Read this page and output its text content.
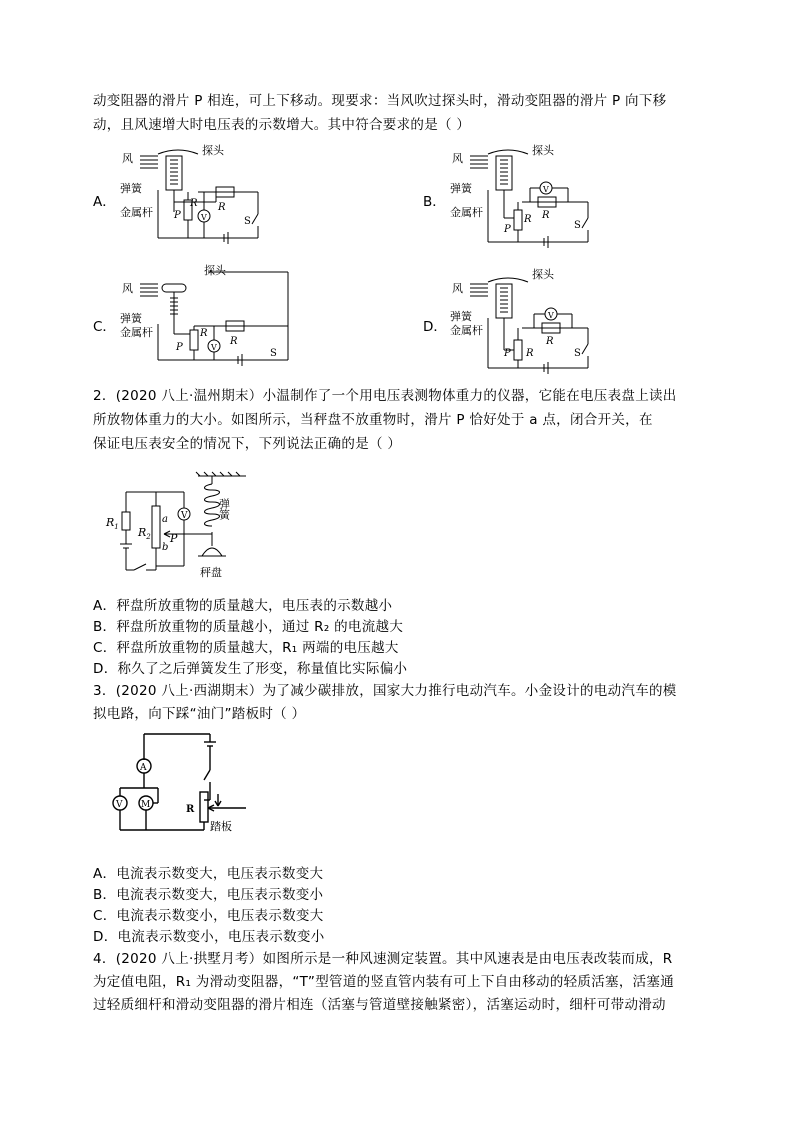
动变阻器的滑片 P 相连，可上下移动。现要求：当风吹过探头时，滑动变阻器的滑片 P 向下移
动，且风速增大时电压表的示数增大。其中符合要求的是（ ）
A．	B．
C．	D．
风
探头
弹簧
金属杆 P
R R
V	S
风
探头
弹簧
金属杆
P
R R
V
S
风
探头
弹簧
金属杆
P
R
R
V
S
风
探头
弹簧
金属杆
P R
R
V
S
2．(2020 八上·温州期末）小温制作了一个用电压表测物体重力的仪器，它能在电压表盘上读出
所放物体重力的大小。如图所示，当秤盘不放重物时，滑片 P 恰好处于 a 点，闭合开关，在
保证电压表安全的情况下，下列说法正确的是（ ）
$R_1$ $R_2$
a
b
P
V	弹簧
秤盘
A．秤盘所放重物的质量越大，电压表的示数越小
B．秤盘所放重物的质量越小，通过 R₂ 的电流越大
C．秤盘所放重物的质量越大，R₁ 两端的电压越大
D．称久了之后弹簧发生了形变，称量值比实际偏小
3．(2020 八上·西湖期末）为了减少碳排放，国家大力推行电动汽车。小金设计的电动汽车的模
拟电路，向下踩“油门”踏板时（ ）
A
V M	R
踏板
A．电流表示数变大，电压表示数变大
B．电流表示数变大，电压表示数变小
C．电流表示数变小，电压表示数变大
D．电流表示数变小，电压表示数变小
4．(2020 八上·拱墅月考）如图所示是一种风速测定装置。其中风速表是由电压表改装而成，R
为定值电阻，R₁ 为滑动变阻器，“T”型管道的竖直管内装有可上下自由移动的轻质活塞，活塞通
过轻质细杆和滑动变阻器的滑片相连（活塞与管道壁接触紧密），活塞运动时，细杆可带动滑动
